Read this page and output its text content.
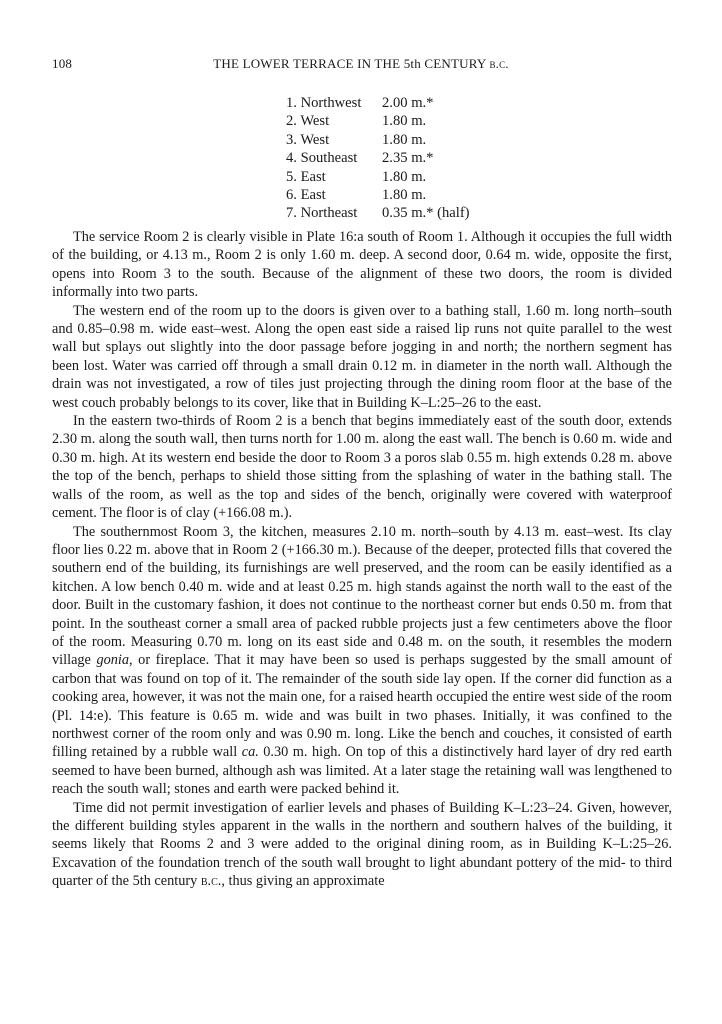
108	THE LOWER TERRACE IN THE 5th CENTURY b.c.
1. Northwest	2.00 m.*
2. West	1.80 m.
3. West	1.80 m.
4. Southeast	2.35 m.*
5. East	1.80 m.
6. East	1.80 m.
7. Northeast	0.35 m.* (half)

The service Room 2 is clearly visible in Plate 16:a south of Room 1. Although it occupies the full width of the building, or 4.13 m., Room 2 is only 1.60 m. deep. A second door, 0.64 m. wide, opposite the first, opens into Room 3 to the south. Because of the alignment of these two doors, the room is divided informally into two parts.

The western end of the room up to the doors is given over to a bathing stall, 1.60 m. long north–south and 0.85–0.98 m. wide east–west. Along the open east side a raised lip runs not quite parallel to the west wall but splays out slightly into the door passage before jogging in and north; the northern segment has been lost. Water was carried off through a small drain 0.12 m. in diameter in the north wall. Although the drain was not investigated, a row of tiles just projecting through the dining room floor at the base of the west couch probably belongs to its cover, like that in Building K–L:25–26 to the east.

In the eastern two-thirds of Room 2 is a bench that begins immediately east of the south door, extends 2.30 m. along the south wall, then turns north for 1.00 m. along the east wall. The bench is 0.60 m. wide and 0.30 m. high. At its western end beside the door to Room 3 a poros slab 0.55 m. high extends 0.28 m. above the top of the bench, perhaps to shield those sitting from the splashing of water in the bathing stall. The walls of the room, as well as the top and sides of the bench, originally were covered with waterproof cement. The floor is of clay (+166.08 m.).

The southernmost Room 3, the kitchen, measures 2.10 m. north–south by 4.13 m. east–west. Its clay floor lies 0.22 m. above that in Room 2 (+166.30 m.). Because of the deeper, protected fills that covered the southern end of the building, its furnishings are well preserved, and the room can be easily identified as a kitchen. A low bench 0.40 m. wide and at least 0.25 m. high stands against the north wall to the east of the door. Built in the customary fashion, it does not continue to the northeast corner but ends 0.50 m. from that point. In the southeast corner a small area of packed rubble projects just a few centimeters above the floor of the room. Measuring 0.70 m. long on its east side and 0.48 m. on the south, it resembles the modern village gonia, or fireplace. That it may have been so used is perhaps suggested by the small amount of carbon that was found on top of it. The remainder of the south side lay open. If the corner did function as a cooking area, however, it was not the main one, for a raised hearth occupied the entire west side of the room (Pl. 14:e). This feature is 0.65 m. wide and was built in two phases. Initially, it was confined to the northwest corner of the room only and was 0.90 m. long. Like the bench and couches, it consisted of earth filling retained by a rubble wall ca. 0.30 m. high. On top of this a distinctively hard layer of dry red earth seemed to have been burned, although ash was limited. At a later stage the retaining wall was lengthened to reach the south wall; stones and earth were packed behind it.

Time did not permit investigation of earlier levels and phases of Building K–L:23–24. Given, however, the different building styles apparent in the walls in the northern and southern halves of the building, it seems likely that Rooms 2 and 3 were added to the original dining room, as in Building K–L:25–26. Excavation of the foundation trench of the south wall brought to light abundant pottery of the mid- to third quarter of the 5th century b.c., thus giving an approximate
